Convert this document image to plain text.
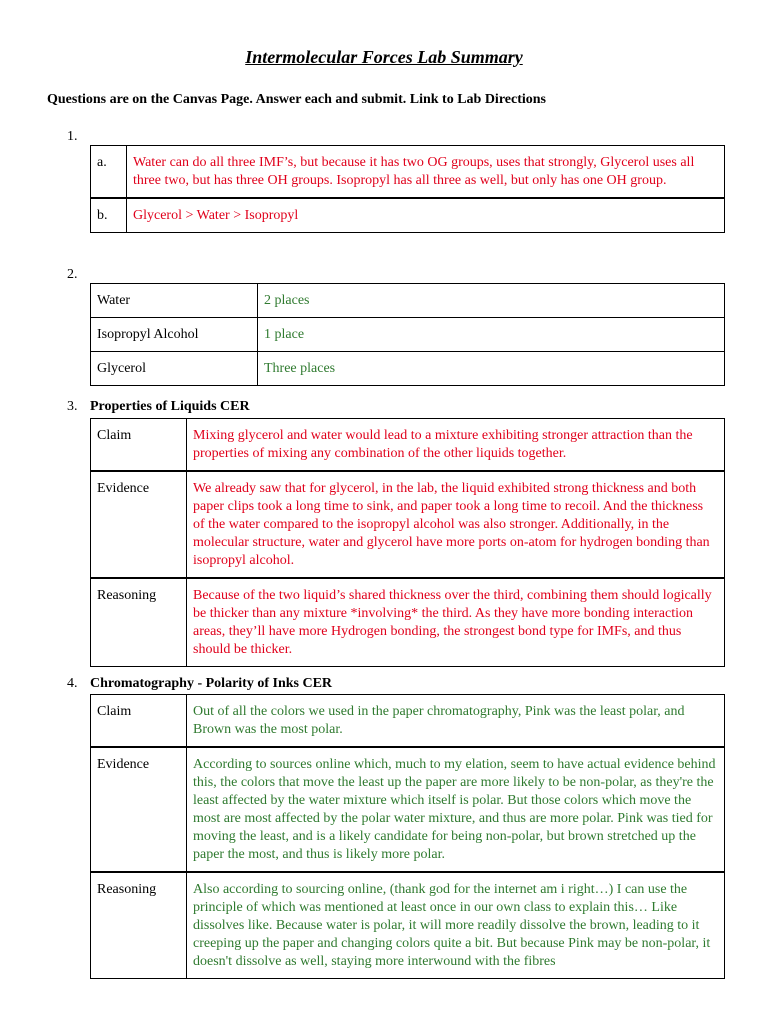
Intermolecular Forces Lab Summary
Questions are on the Canvas Page. Answer each and submit. Link to Lab Directions
1.
a.	Water can do all three IMF’s, but because it has two OG groups, uses that strongly, Glycerol uses all three two, but has three OH groups. Isopropyl has all three as well, but only has one OH group.
b.	Glycerol > Water > Isopropyl
2.
Water	2 places
Isopropyl Alcohol	1 place
Glycerol	Three places
3. Properties of Liquids CER
Claim	Mixing glycerol and water would lead to a mixture exhibiting stronger attraction than the properties of mixing any combination of the other liquids together.
Evidence	We already saw that for glycerol, in the lab, the liquid exhibited strong thickness and both paper clips took a long time to sink, and paper took a long time to recoil. And the thickness of the water compared to the isopropyl alcohol was also stronger. Additionally, in the molecular structure, water and glycerol have more ports on-atom for hydrogen bonding than isopropyl alcohol.
Reasoning	Because of the two liquid’s shared thickness over the third, combining them should logically be thicker than any mixture *involving* the third. As they have more bonding interaction areas, they’ll have more Hydrogen bonding, the strongest bond type for IMFs, and thus should be thicker.
4. Chromatography - Polarity of Inks CER
Claim	Out of all the colors we used in the paper chromatography, Pink was the least polar, and Brown was the most polar.
Evidence	According to sources online which, much to my elation, seem to have actual evidence behind this, the colors that move the least up the paper are more likely to be non-polar, as they're the least affected by the water mixture which itself is polar. But those colors which move the most are most affected by the polar water mixture, and thus are more polar. Pink was tied for moving the least, and is a likely candidate for being non-polar, but brown stretched up the paper the most, and thus is likely more polar.
Reasoning	Also according to sourcing online, (thank god for the internet am i right…) I can use the principle of which was mentioned at least once in our own class to explain this… Like dissolves like. Because water is polar, it will more readily dissolve the brown, leading to it creeping up the paper and changing colors quite a bit. But because Pink may be non-polar, it doesn't dissolve as well, staying more interwound with the fibres
